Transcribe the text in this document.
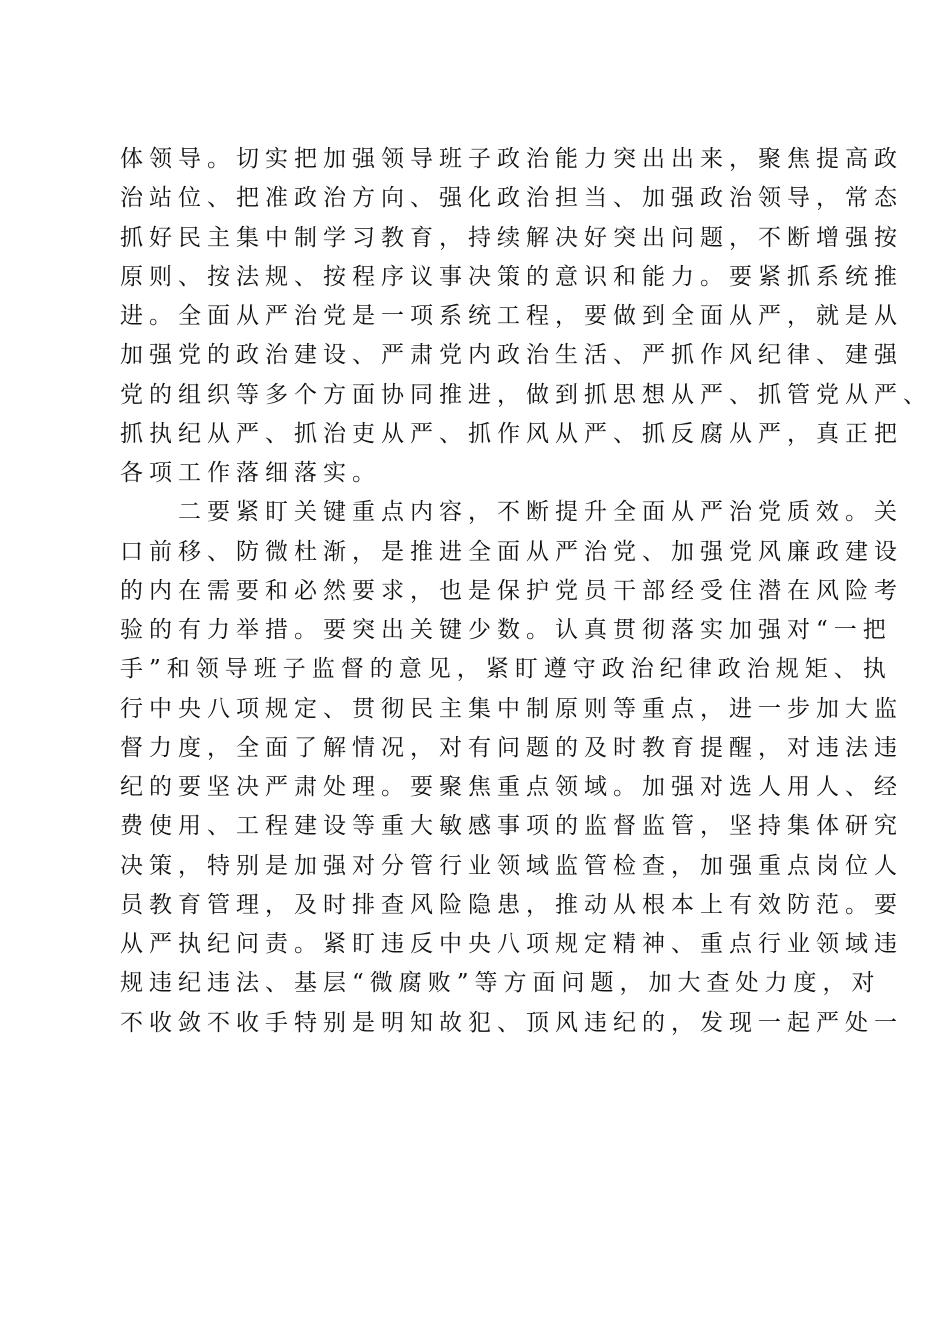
体领导。切实把加强领导班子政治能力突出出来，聚焦提高政
治站位、把准政治方向、强化政治担当、加强政治领导，常态
抓好民主集中制学习教育，持续解决好突出问题，不断增强按
原则、按法规、按程序议事决策的意识和能力。要紧抓系统推
进。全面从严治党是一项系统工程，要做到全面从严，就是从
加强党的政治建设、严肃党内政治生活、严抓作风纪律、建强
党的组织等多个方面协同推进，做到抓思想从严、抓管党从严、
抓执纪从严、抓治吏从严、抓作风从严、抓反腐从严，真正把
各项工作落细落实。
二要紧盯关键重点内容，不断提升全面从严治党质效。关
口前移、防微杜渐，是推进全面从严治党、加强党风廉政建设
的内在需要和必然要求，也是保护党员干部经受住潜在风险考
验的有力举措。要突出关键少数。认真贯彻落实加强对“一把
手”和领导班子监督的意见，紧盯遵守政治纪律政治规矩、执
行中央八项规定、贯彻民主集中制原则等重点，进一步加大监
督力度，全面了解情况，对有问题的及时教育提醒，对违法违
纪的要坚决严肃处理。要聚焦重点领域。加强对选人用人、经
费使用、工程建设等重大敏感事项的监督监管，坚持集体研究
决策，特别是加强对分管行业领域监管检查，加强重点岗位人
员教育管理，及时排查风险隐患，推动从根本上有效防范。要
从严执纪问责。紧盯违反中央八项规定精神、重点行业领域违
规违纪违法、基层“微腐败”等方面问题，加大查处力度，对
不收敛不收手特别是明知故犯、顶风违纪的，发现一起严处一
